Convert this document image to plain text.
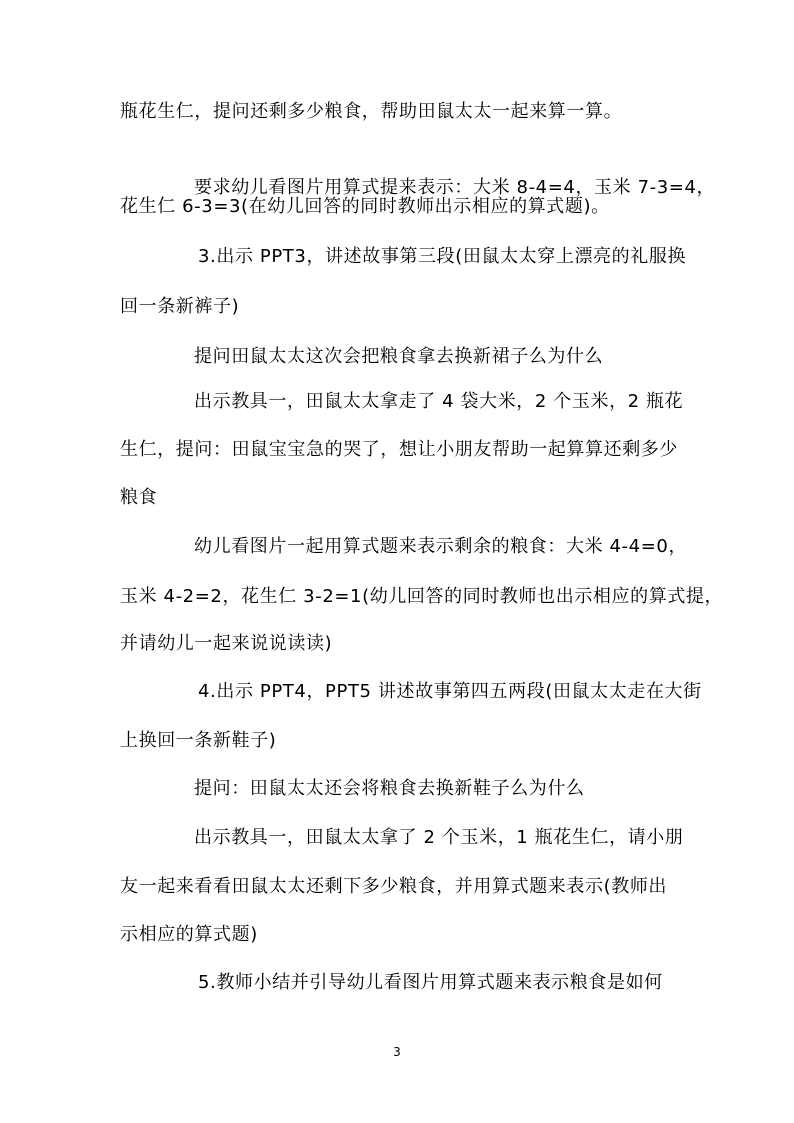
瓶花生仁，提问还剩多少粮食，帮助田鼠太太一起来算一算。
要求幼儿看图片用算式提来表示：大米 8-4=4，玉米 7-3=4，
花生仁 6-3=3(在幼儿回答的同时教师出示相应的算式题)。
3.出示 PPT3，讲述故事第三段(田鼠太太穿上漂亮的礼服换
回一条新裤子)
提问田鼠太太这次会把粮食拿去换新裙子么为什么
出示教具一，田鼠太太拿走了 4 袋大米，2 个玉米，2 瓶花
生仁，提问：田鼠宝宝急的哭了，想让小朋友帮助一起算算还剩多少
粮食
幼儿看图片一起用算式题来表示剩余的粮食：大米 4-4=0，
玉米 4-2=2，花生仁 3-2=1(幼儿回答的同时教师也出示相应的算式提，
并请幼儿一起来说说读读)
4.出示 PPT4，PPT5 讲述故事第四五两段(田鼠太太走在大街
上换回一条新鞋子)
提问：田鼠太太还会将粮食去换新鞋子么为什么
出示教具一，田鼠太太拿了 2 个玉米，1 瓶花生仁，请小朋
友一起来看看田鼠太太还剩下多少粮食，并用算式题来表示(教师出
示相应的算式题)
5.教师小结并引导幼儿看图片用算式题来表示粮食是如何
3
